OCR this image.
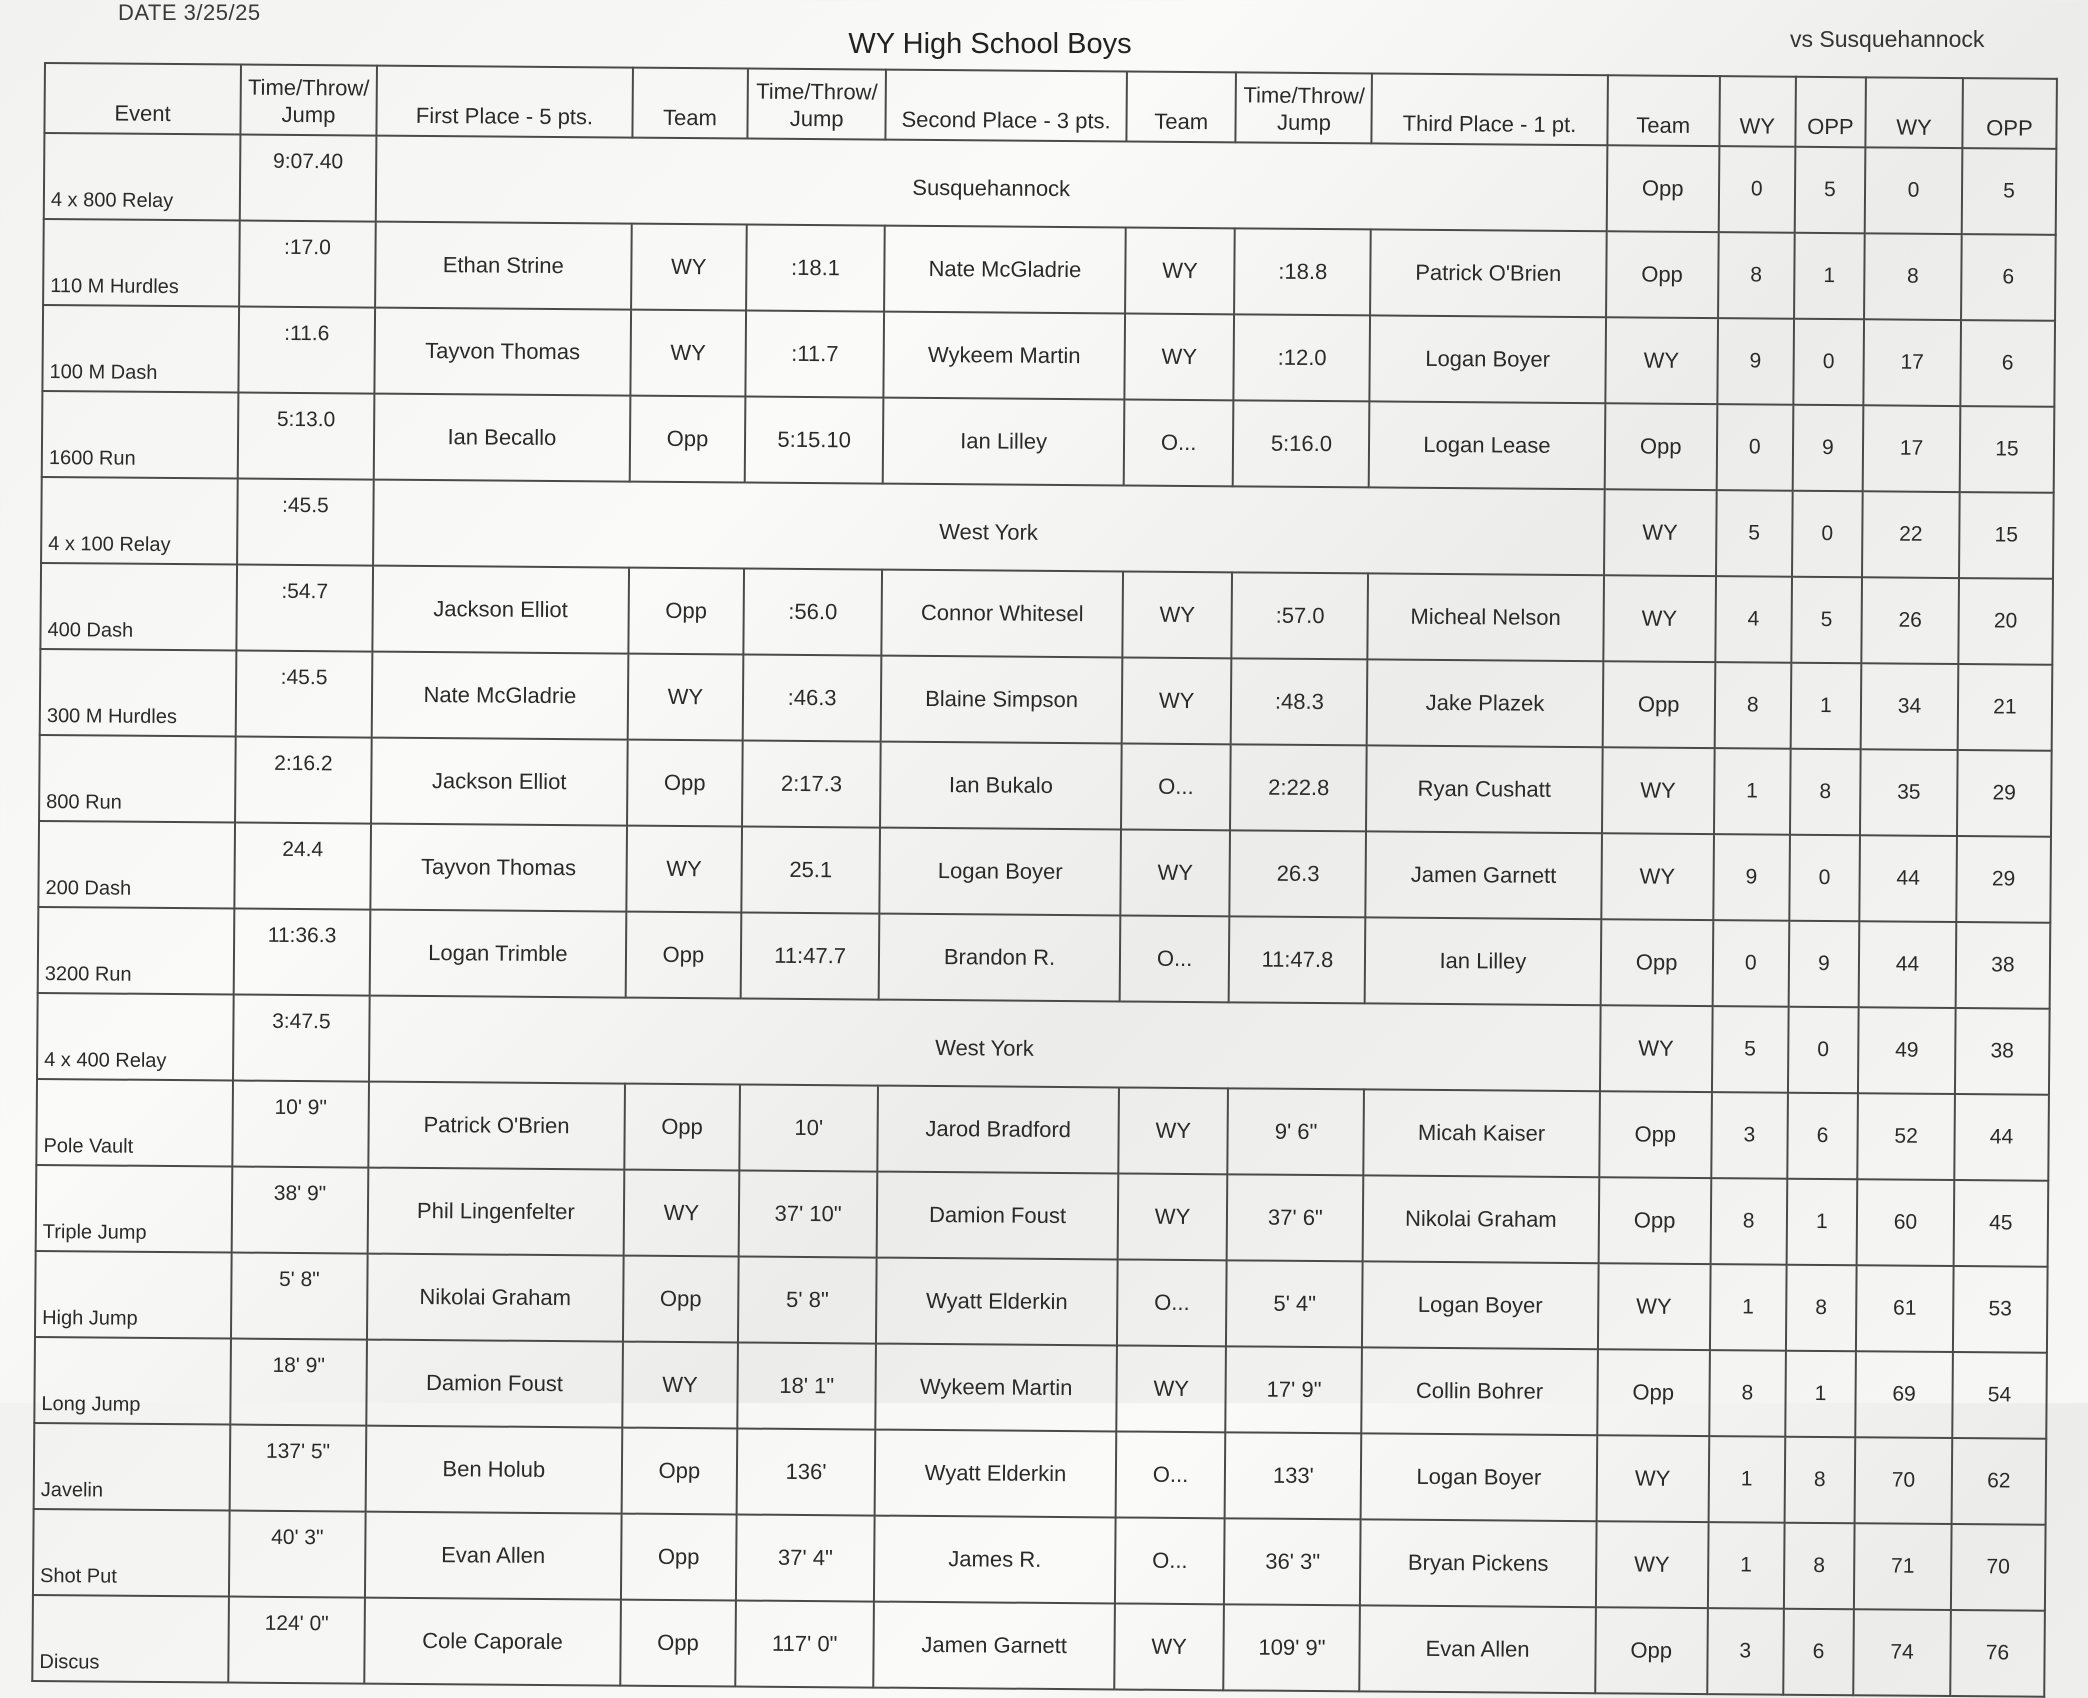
DATE 3/25/25
WY High School Boys	vs Susquehannock
Event	Time/Throw/ Jump	First Place - 5 pts.	Team	Time/Throw/ Jump	Second Place - 3 pts.	Team	Time/Throw/ Jump	Third Place - 1 pt.	Team	WY	OPP	WY	OPP
4 x 800 Relay	9:07.40	Susquehannock							Opp	0	5	0	5
110 M Hurdles	:17.0	Ethan Strine	WY	:18.1	Nate McGladrie	WY	:18.8	Patrick O'Brien	Opp	8	1	8	6
100 M Dash	:11.6	Tayvon Thomas	WY	:11.7	Wykeem Martin	WY	:12.0	Logan Boyer	WY	9	0	17	6
1600 Run	5:13.0	Ian Becallo	Opp	5:15.10	Ian Lilley	O...	5:16.0	Logan Lease	Opp	0	9	17	15
4 x 100 Relay	:45.5	West York							WY	5	0	22	15
400 Dash	:54.7	Jackson Elliot	Opp	:56.0	Connor Whitesel	WY	:57.0	Micheal Nelson	WY	4	5	26	20
300 M Hurdles	:45.5	Nate McGladrie	WY	:46.3	Blaine Simpson	WY	:48.3	Jake Plazek	Opp	8	1	34	21
800 Run	2:16.2	Jackson Elliot	Opp	2:17.3	Ian Bukalo	O...	2:22.8	Ryan Cushatt	WY	1	8	35	29
200 Dash	24.4	Tayvon Thomas	WY	25.1	Logan Boyer	WY	26.3	Jamen Garnett	WY	9	0	44	29
3200 Run	11:36.3	Logan Trimble	Opp	11:47.7	Brandon R.	O...	11:47.8	Ian Lilley	Opp	0	9	44	38
4 x 400 Relay	3:47.5	West York							WY	5	0	49	38
Pole Vault	10' 9"	Patrick O'Brien	Opp	10'	Jarod Bradford	WY	9' 6"	Micah Kaiser	Opp	3	6	52	44
Triple Jump	38' 9"	Phil Lingenfelter	WY	37' 10"	Damion Foust	WY	37' 6"	Nikolai Graham	Opp	8	1	60	45
High Jump	5' 8"	Nikolai Graham	Opp	5' 8"	Wyatt Elderkin	O...	5' 4"	Logan Boyer	WY	1	8	61	53
Long Jump	18' 9"	Damion Foust	WY	18' 1"	Wykeem Martin	WY	17' 9"	Collin Bohrer	Opp	8	1	69	54
Javelin	137' 5"	Ben Holub	Opp	136'	Wyatt Elderkin	O...	133'	Logan Boyer	WY	1	8	70	62
Shot Put	40' 3"	Evan Allen	Opp	37' 4"	James R.	O...	36' 3"	Bryan Pickens	WY	1	8	71	70
Discus	124' 0"	Cole Caporale	Opp	117' 0"	Jamen Garnett	WY	109' 9"	Evan Allen	Opp	3	6	74	76
